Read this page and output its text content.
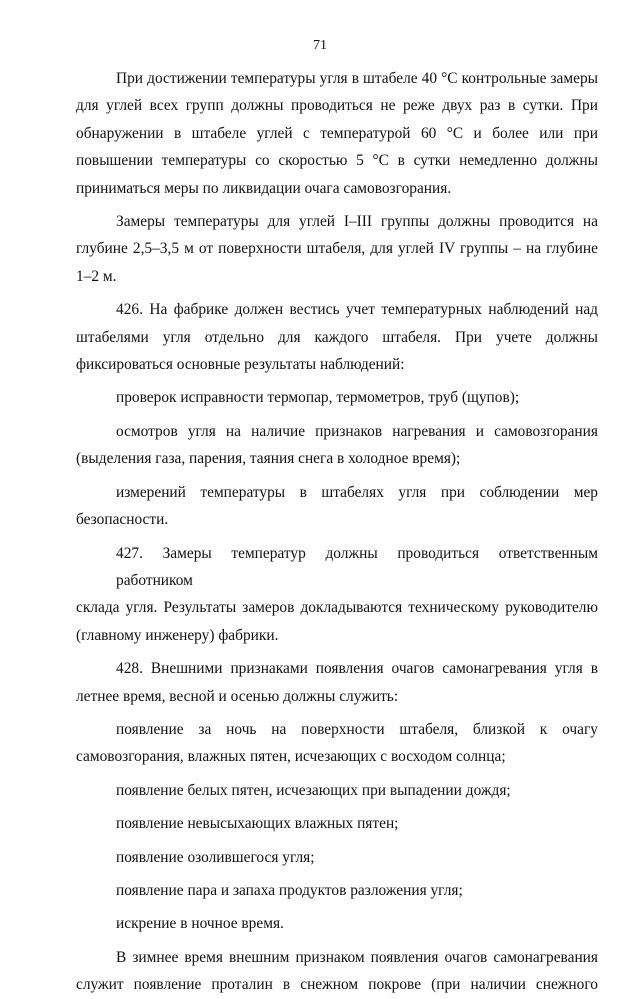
71
При достижении температуры угля в штабеле 40 °С контрольные замеры
для углей всех групп должны проводиться не реже двух раз в сутки. При
обнаружении в штабеле углей с температурой 60 °С и более или при
повышении температуры со скоростью 5 °С в сутки немедленно должны
приниматься меры по ликвидации очага самовозгорания.
Замеры температуры для углей I–III группы должны проводится на
глубине 2,5–3,5 м от поверхности штабеля, для углей IV группы – на глубине
1–2 м.
426. На фабрике должен вестись учет температурных наблюдений над
штабелями угля отдельно для каждого штабеля. При учете должны
фиксироваться основные результаты наблюдений:
проверок исправности термопар, термометров, труб (щупов);
осмотров угля на наличие признаков нагревания и самовозгорания
(выделения газа, парения, таяния снега в холодное время);
измерений температуры в штабелях угля при соблюдении мер
безопасности.
427. Замеры температур должны проводиться ответственным работником
склада угля. Результаты замеров докладываются техническому руководителю
(главному инженеру) фабрики.
428. Внешними признаками появления очагов самонагревания угля в
летнее время, весной и осенью должны служить:
появление за ночь на поверхности штабеля, близкой к очагу
самовозгорания, влажных пятен, исчезающих с восходом солнца;
появление белых пятен, исчезающих при выпадении дождя;
появление невысыхающих влажных пятен;
появление озолившегося угля;
появление пара и запаха продуктов разложения угля;
искрение в ночное время.
В зимнее время внешним признаком появления очагов самонагревания
служит появление проталин в снежном покрове (при наличии снежного
